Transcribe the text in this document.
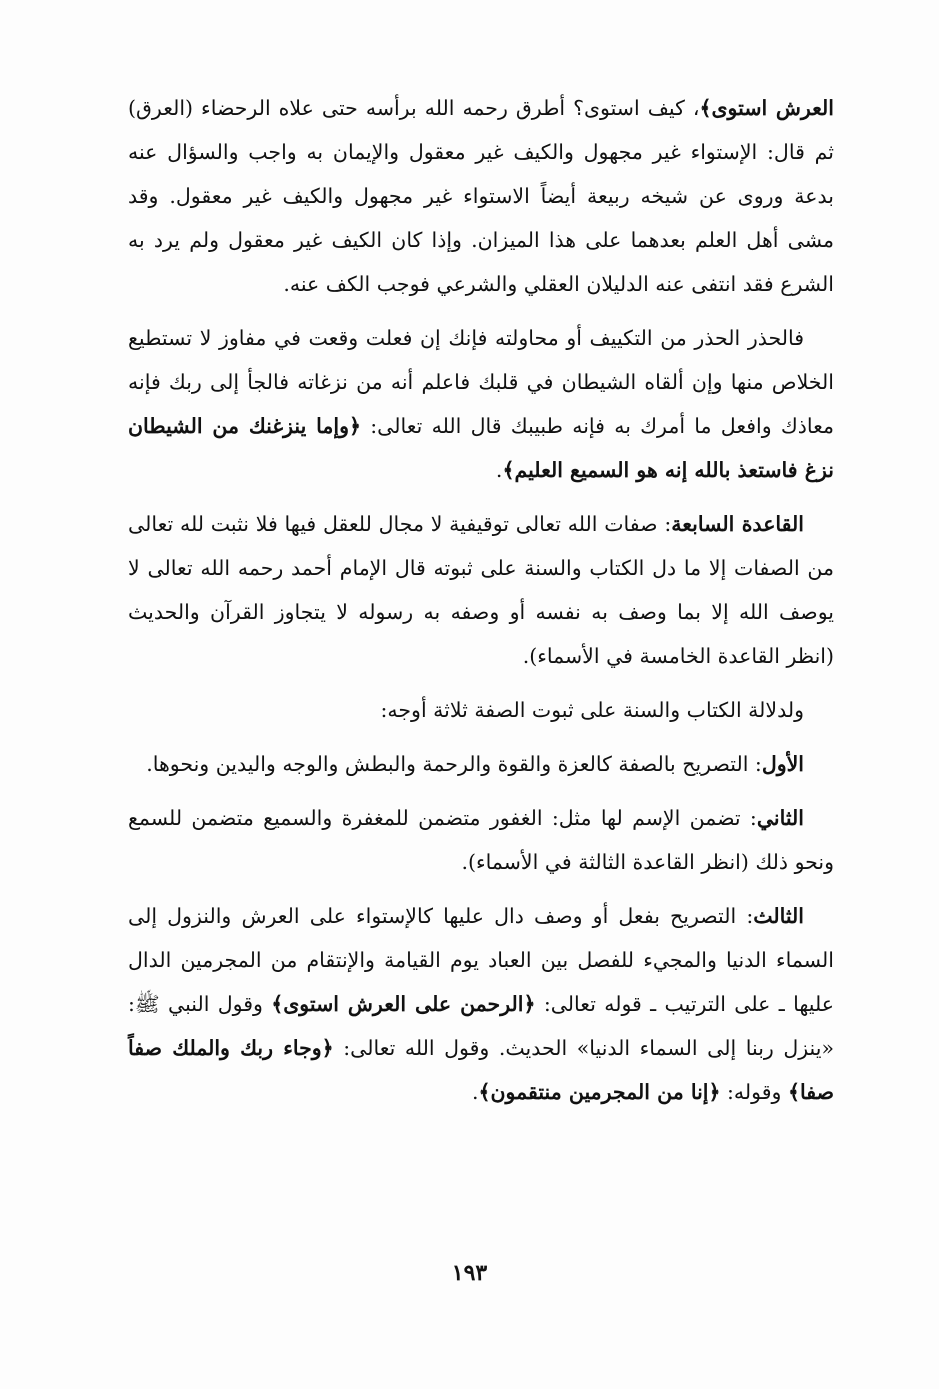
العرش استوى﴾، كيف استوى؟ أطرق رحمه الله برأسه حتى علاه الرحضاء (العرق) ثم قال: الإستواء غير مجهول والكيف غير معقول والإيمان به واجب والسؤال عنه بدعة وروى عن شيخه ربيعة أيضاً الاستواء غير مجهول والكيف غير معقول. وقد مشى أهل العلم بعدهما على هذا الميزان. وإذا كان الكيف غير معقول ولم يرد به الشرع فقد انتفى عنه الدليلان العقلي والشرعي فوجب الكف عنه.

فالحذر الحذر من التكييف أو محاولته فإنك إن فعلت وقعت في مفاوز لا تستطيع الخلاص منها وإن ألقاه الشيطان في قلبك فاعلم أنه من نزغاته فالجأ إلى ربك فإنه معاذك وافعل ما أمرك به فإنه طبيبك قال الله تعالى: ﴿وإما ينزغنك من الشيطان نزغ فاستعذ بالله إنه هو السميع العليم﴾.

القاعدة السابعة: صفات الله تعالى توقيفية لا مجال للعقل فيها فلا نثبت لله تعالى من الصفات إلا ما دل الكتاب والسنة على ثبوته قال الإمام أحمد رحمه الله تعالى لا يوصف الله إلا بما وصف به نفسه أو وصفه به رسوله لا يتجاوز القرآن والحديث (انظر القاعدة الخامسة في الأسماء).

ولدلالة الكتاب والسنة على ثبوت الصفة ثلاثة أوجه:

الأول: التصريح بالصفة كالعزة والقوة والرحمة والبطش والوجه واليدين ونحوها.

الثاني: تضمن الإسم لها مثل: الغفور متضمن للمغفرة والسميع متضمن للسمع ونحو ذلك (انظر القاعدة الثالثة في الأسماء).

الثالث: التصريح بفعل أو وصف دال عليها كالإستواء على العرش والنزول إلى السماء الدنيا والمجيء للفصل بين العباد يوم القيامة والإنتقام من المجرمين الدال عليها ـ على الترتيب ـ قوله تعالى: ﴿الرحمن على العرش استوى﴾ وقول النبي ﷺ: «ينزل ربنا إلى السماء الدنيا» الحديث. وقول الله تعالى: ﴿وجاء ربك والملك صفاً صفا﴾ وقوله: ﴿إنا من المجرمين منتقمون﴾.

١٩٣
